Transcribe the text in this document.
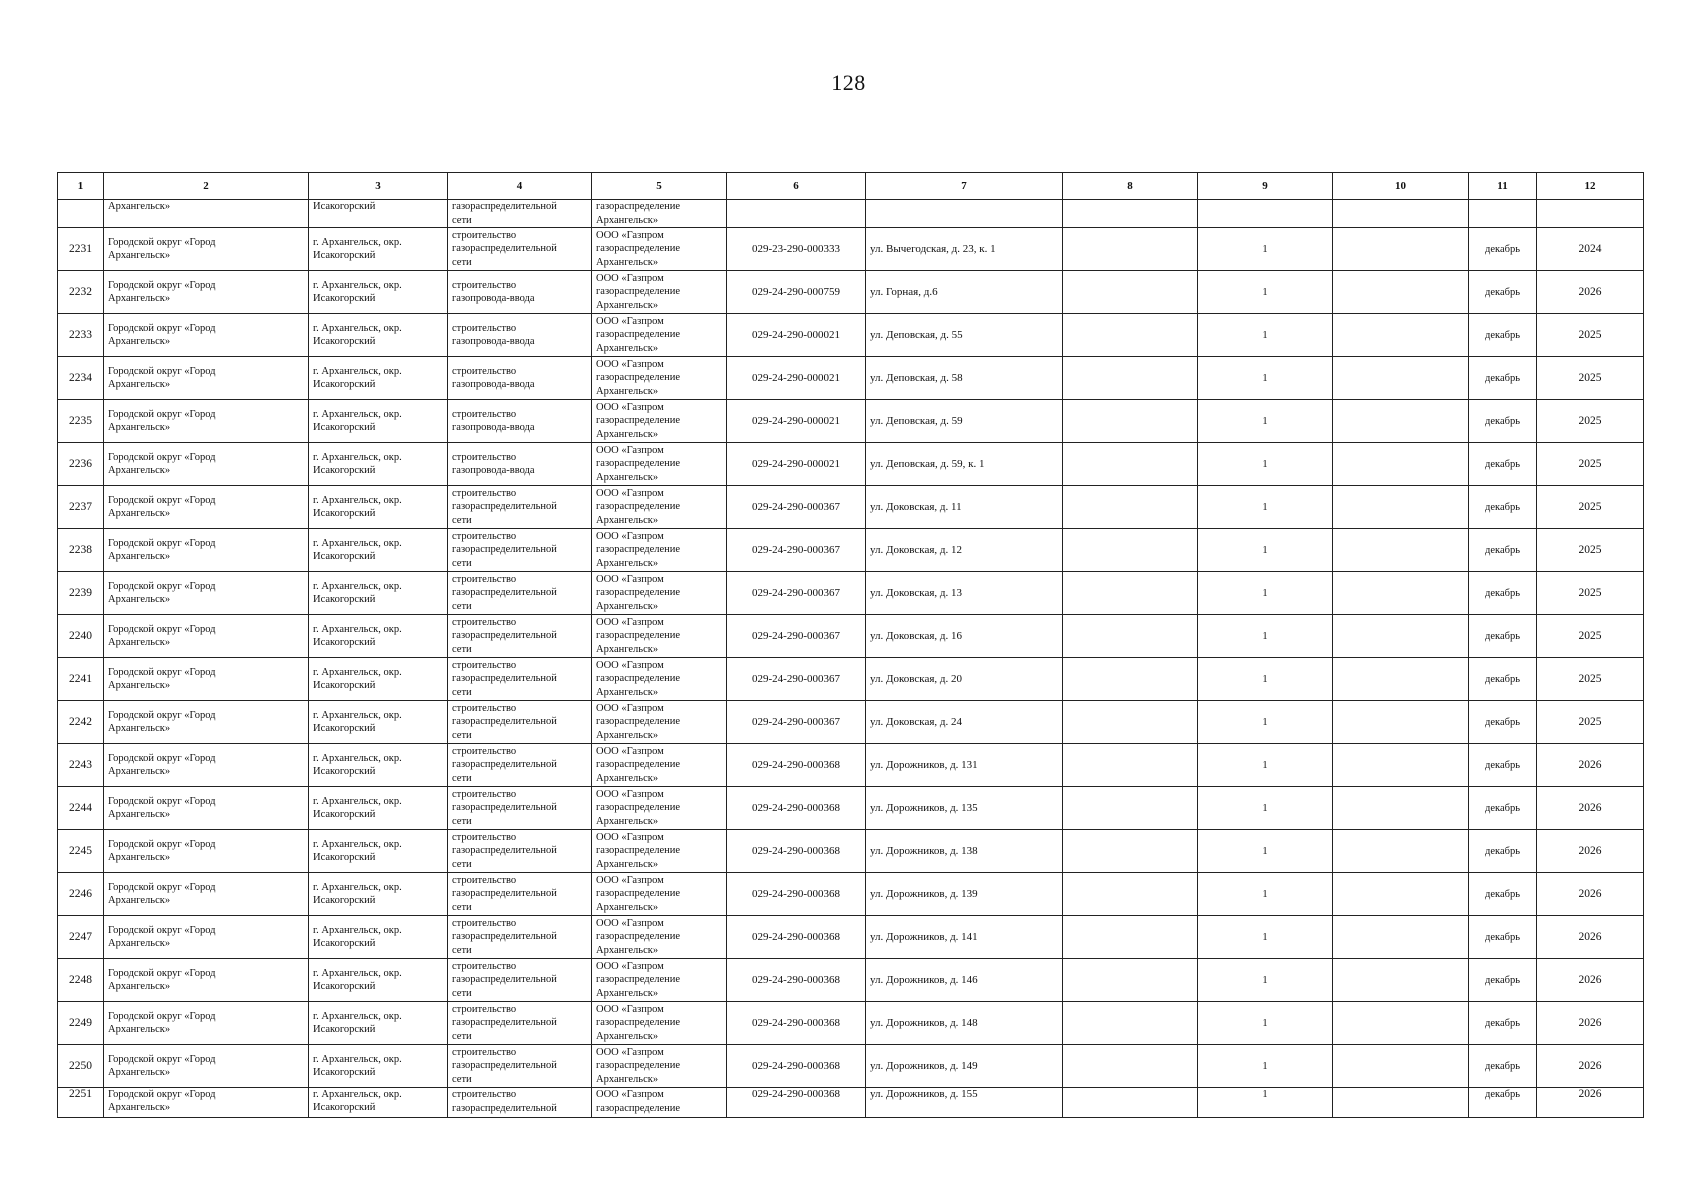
128
1	2	3	4	5	6	7	8	9	10	11	12
	Архангельск»	Исакогорский	газораспределительной
сети	газораспределение
Архангельск»							
2231	Городской округ «Город
Архангельск»	г. Архангельск, окр.
Исакогорский	строительство
газораспределительной
сети	ООО «Газпром
газораспределение
Архангельск»	029-23-290-000333	ул. Вычегодская, д. 23, к. 1		1		декабрь	2024
2232	Городской округ «Город
Архангельск»	г. Архангельск, окр.
Исакогорский	строительство
газопровода-ввода	ООО «Газпром
газораспределение
Архангельск»	029-24-290-000759	ул. Горная, д.6		1		декабрь	2026
2233	Городской округ «Город
Архангельск»	г. Архангельск, окр.
Исакогорский	строительство
газопровода-ввода	ООО «Газпром
газораспределение
Архангельск»	029-24-290-000021	ул. Деповская, д. 55		1		декабрь	2025
2234	Городской округ «Город
Архангельск»	г. Архангельск, окр.
Исакогорский	строительство
газопровода-ввода	ООО «Газпром
газораспределение
Архангельск»	029-24-290-000021	ул. Деповская, д. 58		1		декабрь	2025
2235	Городской округ «Город
Архангельск»	г. Архангельск, окр.
Исакогорский	строительство
газопровода-ввода	ООО «Газпром
газораспределение
Архангельск»	029-24-290-000021	ул. Деповская, д. 59		1		декабрь	2025
2236	Городской округ «Город
Архангельск»	г. Архангельск, окр.
Исакогорский	строительство
газопровода-ввода	ООО «Газпром
газораспределение
Архангельск»	029-24-290-000021	ул. Деповская, д. 59, к. 1		1		декабрь	2025
2237	Городской округ «Город
Архангельск»	г. Архангельск, окр.
Исакогорский	строительство
газораспределительной
сети	ООО «Газпром
газораспределение
Архангельск»	029-24-290-000367	ул. Доковская, д. 11		1		декабрь	2025
2238	Городской округ «Город
Архангельск»	г. Архангельск, окр.
Исакогорский	строительство
газораспределительной
сети	ООО «Газпром
газораспределение
Архангельск»	029-24-290-000367	ул. Доковская, д. 12		1		декабрь	2025
2239	Городской округ «Город
Архангельск»	г. Архангельск, окр.
Исакогорский	строительство
газораспределительной
сети	ООО «Газпром
газораспределение
Архангельск»	029-24-290-000367	ул. Доковская, д. 13		1		декабрь	2025
2240	Городской округ «Город
Архангельск»	г. Архангельск, окр.
Исакогорский	строительство
газораспределительной
сети	ООО «Газпром
газораспределение
Архангельск»	029-24-290-000367	ул. Доковская, д. 16		1		декабрь	2025
2241	Городской округ «Город
Архангельск»	г. Архангельск, окр.
Исакогорский	строительство
газораспределительной
сети	ООО «Газпром
газораспределение
Архангельск»	029-24-290-000367	ул. Доковская, д. 20		1		декабрь	2025
2242	Городской округ «Город
Архангельск»	г. Архангельск, окр.
Исакогорский	строительство
газораспределительной
сети	ООО «Газпром
газораспределение
Архангельск»	029-24-290-000367	ул. Доковская, д. 24		1		декабрь	2025
2243	Городской округ «Город
Архангельск»	г. Архангельск, окр.
Исакогорский	строительство
газораспределительной
сети	ООО «Газпром
газораспределение
Архангельск»	029-24-290-000368	ул. Дорожников, д. 131		1		декабрь	2026
2244	Городской округ «Город
Архангельск»	г. Архангельск, окр.
Исакогорский	строительство
газораспределительной
сети	ООО «Газпром
газораспределение
Архангельск»	029-24-290-000368	ул. Дорожников, д. 135		1		декабрь	2026
2245	Городской округ «Город
Архангельск»	г. Архангельск, окр.
Исакогорский	строительство
газораспределительной
сети	ООО «Газпром
газораспределение
Архангельск»	029-24-290-000368	ул. Дорожников, д. 138		1		декабрь	2026
2246	Городской округ «Город
Архангельск»	г. Архангельск, окр.
Исакогорский	строительство
газораспределительной
сети	ООО «Газпром
газораспределение
Архангельск»	029-24-290-000368	ул. Дорожников, д. 139		1		декабрь	2026
2247	Городской округ «Город
Архангельск»	г. Архангельск, окр.
Исакогорский	строительство
газораспределительной
сети	ООО «Газпром
газораспределение
Архангельск»	029-24-290-000368	ул. Дорожников, д. 141		1		декабрь	2026
2248	Городской округ «Город
Архангельск»	г. Архангельск, окр.
Исакогорский	строительство
газораспределительной
сети	ООО «Газпром
газораспределение
Архангельск»	029-24-290-000368	ул. Дорожников, д. 146		1		декабрь	2026
2249	Городской округ «Город
Архангельск»	г. Архангельск, окр.
Исакогорский	строительство
газораспределительной
сети	ООО «Газпром
газораспределение
Архангельск»	029-24-290-000368	ул. Дорожников, д. 148		1		декабрь	2026
2250	Городской округ «Город
Архангельск»	г. Архангельск, окр.
Исакогорский	строительство
газораспределительной
сети	ООО «Газпром
газораспределение
Архангельск»	029-24-290-000368	ул. Дорожников, д. 149		1		декабрь	2026
2251	Городской округ «Город
Архангельск»	г. Архангельск, окр.
Исакогорский	строительство
газораспределительной	ООО «Газпром
газораспределение	029-24-290-000368	ул. Дорожников, д. 155		1		декабрь	2026
